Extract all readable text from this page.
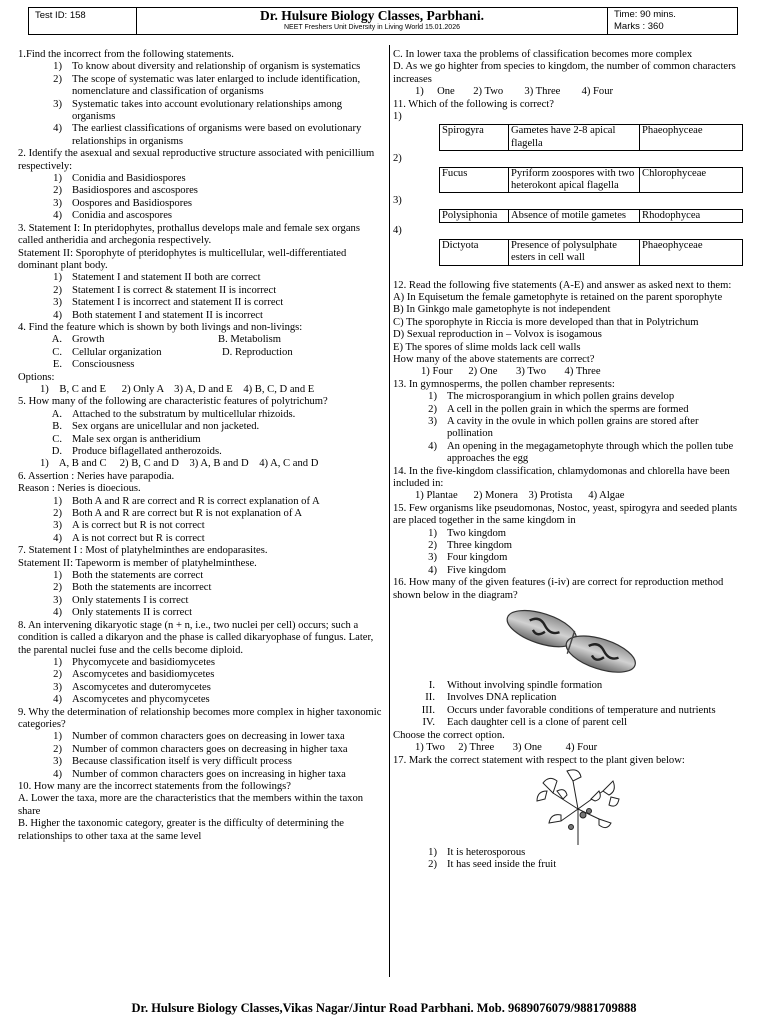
Test ID: 158	Dr. Hulsure Biology Classes, Parbhani.
NEET Freshers Unit Diversity in Living World 15.01.2026
Time: 90 mins.
Marks : 360
1.Find the incorrect from the following statements.
1) To know about diversity and relationship of organism is systematics
2) The scope of systematic was later enlarged to include identification, nomenclature and classification of organisms
3) Systematic takes into account evolutionary relationships among organisms
4) The earliest classifications of organisms were based on evolutionary relationships in organisms
2. Identify the asexual and sexual reproductive structure associated with penicillium respectively:
1) Conidia and Basidiospores
2) Basidiospores and ascospores
3) Oospores and Basidiospores
4) Conidia and ascospores
3. Statement I: In pteridophytes, prothallus develops male and female sex organs called antheridia and archegonia respectively.
Statement II: Sporophyte of pteridophytes is multicellular, well-differentiated dominant plant body.
1) Statement I and statement II both are correct
2) Statement I is correct & statement II is incorrect
3) Statement I is incorrect and statement II is correct
4) Both statement I and statement II is incorrect
4. Find the feature which is shown by both livings and non-livings:
A. Growth	B. Metabolism
C. Cellular organization	D. Reproduction
E. Consciousness
Options:
1)    B, C and E      2) Only A    3) A, D and E    4) B, C, D and E
5. How many of the following are characteristic features of polytrichum?
A. Attached to the substratum by multicellular rhizoids.
B. Sex organs are unicellular and non jacketed.
C. Male sex organ is antheridium
D. Produce biflagellated antherozoids.
1)    A, B and C     2) B, C and D    3) A, B and D    4) A, C and D
6. Assertion : Neries have parapodia.
Reason : Neries is dioecious.
1) Both A and R are correct and R is correct explanation of A
2) Both A and R are correct but R is not explanation of A
3) A is correct but R is not correct
4) A is not correct but R is correct
7. Statement I : Most of platyhelminthes are endoparasites.
Statement II: Tapeworm is member of platyhelminthese.
1) Both the statements are correct
2) Both the statements are incorrect
3) Only statements I is correct
4) Only statements II is correct
8. An intervening dikaryotic stage (n + n, i.e., two nuclei per cell) occurs; such a condition is called a dikaryon and the phase is called dikaryophase of fungus. Later, the parental nuclei fuse and the cells become diploid.
1) Phycomycete and basidiomycetes
2) Ascomycetes and basidiomycetes
3) Ascomycetes and duteromycetes
4) Ascomycetes and phycomycetes
9. Why the determination of relationship becomes more complex in higher taxonomic categories?
1) Number of common characters goes on decreasing in lower taxa
2) Number of common characters goes on decreasing in higher taxa
3) Because classification itself is very difficult process
4) Number of common characters goes on increasing in higher taxa
10. How many are the incorrect statements from the followings?
A. Lower the taxa, more are the characteristics that the members within the taxon share
B. Higher the taxonomic category, greater is the difficulty of determining the relationships to other taxa at the same level
C. In lower taxa the problems of classification becomes more complex
D. As we go highter from species to kingdom, the number of common characters increases
1)     One       2) Two        3) Three        4) Four
11. Which of the following is correct?
1)
Spirogyra	Gametes have 2-8 apical flagella	Phaeophyceae
2)
Fucus	Pyriform zoospores with two heterokont apical flagella	Chlorophyceae
3)
Polysiphonia	Absence of motile gametes	Rhodophycea
4)
Dictyota	Presence of polysulphate esters in cell wall	Phaeophyceae
12. Read the following five statements (A-E) and answer as asked next to them:
A) In Equisetum the female gametophyte is retained on the parent sporophyte
B) In Ginkgo male gametophyte is not independent
C) The sporophyte in Riccia is more developed than that in Polytrichum
D) Sexual reproduction in – Volvox is isogamous
E) The spores of slime molds lack cell walls
How many of the above statements are correct?
1) Four      2) One       3) Two       4) Three
13. In gymnosperms, the pollen chamber represents:
1) The microsporangium in which pollen grains develop
2) A cell in the pollen grain in which the sperms are formed
3) A cavity in the ovule in which pollen grains are stored after pollination
4) An opening in the megagametophyte through which the pollen tube approaches the egg
14. In the five-kingdom classification, chlamydomonas and chlorella have been included in:
1) Plantae      2) Monera    3) Protista      4) Algae
15. Few organisms like pseudomonas, Nostoc, yeast, spirogyra and seeded plants are placed together in the same kingdom in
1) Two kingdom
2) Three kingdom
3) Four kingdom
4) Five kingdom
16. How many of the given features (i-iv) are correct for reproduction method shown below in the diagram?
I. Without involving spindle formation
II. Involves DNA replication
III. Occurs under favorable conditions of temperature and nutrients
IV. Each daughter cell is a clone of parent cell
Choose the correct option.
1) Two     2) Three       3) One         4) Four
17. Mark the correct statement with respect to the plant given below:
1) It is heterosporous
2) It has seed inside the fruit
Dr. Hulsure Biology Classes,Vikas Nagar/Jintur Road Parbhani. Mob. 9689076079/9881709888
